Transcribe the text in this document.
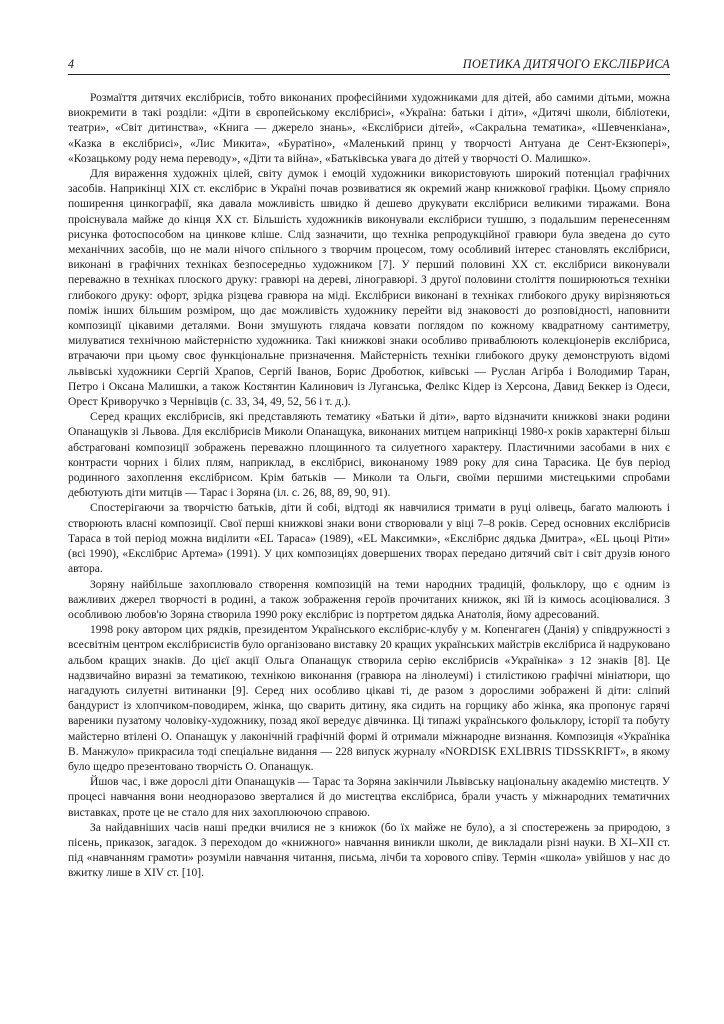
4	ПОЕТИКА ДИТЯЧОГО ЕКСЛІБРИСА

Розмаїття дитячих екслібрисів, тобто виконаних професійними художниками для дітей, або самими дітьми, можна виокремити в такі розділи: «Діти в європейському екслібрисі», «Україна: батьки і діти», «Дитячі школи, бібліотеки, театри», «Світ дитинства», «Книга — джерело знань», «Екслібриси дітей», «Сакральна тематика», «Шевченкіана», «Казка в екслібрисі», «Лис Микита», «Буратіно», «Маленький принц у творчості Антуана де Сент-Екзюпері», «Козацькому роду нема переводу», «Діти та війна», «Батьківська увага до дітей у творчості О. Малишко».

Для вираження художніх цілей, світу думок і емоцій художники використовують широкий потенціал графічних засобів. Наприкінці XIX ст. екслібрис в Україні почав розвиватися як окремий жанр книжкової графіки. Цьому сприяло поширення цинкографії, яка давала можливість швидко й дешево друкувати екслібриси великими тиражами. Вона проіснувала майже до кінця XX ст. Більшість художників виконували екслібриси тушшю, з подальшим перенесенням рисунка фотоспособом на цинкове кліше. Слід зазначити, що техніка репродукційної гравюри була зведена до суто механічних засобів, що не мали нічого спільного з творчим процесом, тому особливий інтерес становлять екслібриси, виконані в графічних техніках безпосередньо художником [7]. У перший половині XX ст. екслібриси виконували переважно в техніках плоского друку: гравюрі на дереві, ліногравюрі. З другої половини століття поширюються техніки глибокого друку: офорт, зрідка різцева гравюра на міді. Екслібриси виконані в техніках глибокого друку вирізняються поміж інших більшим розміром, що дає можливість художнику перейти від знаковості до розповідності, наповнити композиції цікавими деталями. Вони змушують глядача ковзати поглядом по кожному квадратному сантиметру, милуватися технічною майстерністю художника. Такі книжкові знаки особливо приваблюють колекціонерів екслібриса, втрачаючи при цьому своє функціональне призначення. Майстерність техніки глибокого друку демонструють відомі львівські художники Сергій Храпов, Сергій Іванов, Борис Дроботюк, київські — Руслан Агірба і Володимир Таран, Петро і Оксана Малишки, а також Костянтин Калинович із Луганська, Фелікс Кідер із Херсона, Давид Беккер із Одеси, Орест Криворучко з Чернівців (с. 33, 34, 49, 52, 56 і т. д.).

Серед кращих екслібрисів, які представляють тематику «Батьки й діти», варто відзначити книжкові знаки родини Опанащуків зі Львова. Для екслібрисів Миколи Опанащука, виконаних митцем наприкінці 1980-х років характерні більш абстраговані композиції зображень переважно площинного та силуетного характеру. Пластичними засобами в них є контрасти чорних і білих плям, наприклад, в екслібрисі, виконаному 1989 року для сина Тарасика. Це був період родинного захоплення екслібрисом. Крім батьків — Миколи та Ольги, своїми першими мистецькими спробами дебютують діти митців — Тарас і Зоряна (іл. с. 26, 88, 89, 90, 91).

Спостерігаючи за творчістю батьків, діти й собі, відтоді як навчилися тримати в руці олівець, багато малюють і створюють власні композиції. Свої перші книжкові знаки вони створювали у віці 7–8 років. Серед основних екслібрисів Тараса в той період можна виділити «EL Тараса» (1989), «EL Максимки», «Екслібрис дядька Дмитра», «EL цьоці Ріти» (всі 1990), «Екслібрис Артема» (1991). У цих композиціях довершених творах передано дитячий світ і світ друзів юного автора.

Зоряну найбільше захоплювало створення композицій на теми народних традицій, фольклору, що є одним із важливих джерел творчості в родині, а також зображення героїв прочитаних книжок, які їй із кимось асоціювалися. З особливою любов'ю Зоряна створила 1990 року екслібрис із портретом дядька Анатолія, йому адресований.

1998 року автором цих рядків, президентом Українського екслібрис-клубу у м. Копенгаген (Данія) у співдружності з всесвітнім центром екслібрисистів було організовано виставку 20 кращих українських майстрів екслібриса й надруковано альбом кращих знаків. До цієї акції Ольга Опанащук створила серію екслібрисів «Україніка» з 12 знаків [8]. Це надзвичайно виразні за тематикою, технікою виконання (гравюра на лінолеумі) і стилістикою графічні мініатюри, що нагадують силуетні витинанки [9]. Серед них особливо цікаві ті, де разом з дорослими зображені й діти: сліпий бандурист із хлопчиком-поводирем, жінка, що сварить дитину, яка сидить на горщику або жінка, яка пропонує гарячі вареники пузатому чоловіку-художнику, позад якої вередує дівчинка. Ці типажі українського фольклору, історії та побуту майстерно втілені О. Опанащук у лаконічній графічній формі й отримали міжнародне визнання. Композиція «Україніка В. Манжуло» прикрасила тоді спеціальне видання — 228 випуск журналу «NORDISK EXLIBRIS TIDSSKRIFT», в якому було щедро презентовано творчість О. Опанащук.

Йшов час, і вже дорослі діти Опанащуків — Тарас та Зоряна закінчили Львівську національну академію мистецтв. У процесі навчання вони неодноразово зверталися й до мистецтва екслібриса, брали участь у міжнародних тематичних виставках, проте це не стало для них захоплюючою справою.

За найдавніших часів наші предки вчилися не з книжок (бо їх майже не було), а зі спостережень за природою, з пісень, приказок, загадок. З переходом до «книжного» навчання виникли школи, де викладали різні науки. В XI–XII ст. під «навчанням грамоти» розуміли навчання читання, письма, лічби та хорового співу. Термін «школа» увійшов у нас до вжитку лише в XIV ст. [10].
